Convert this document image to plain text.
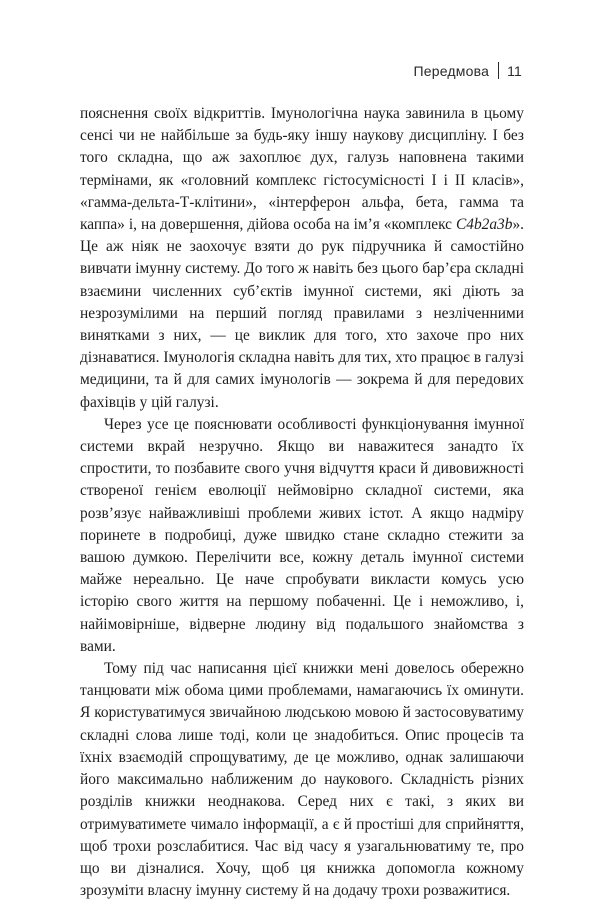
Передмова 11

пояснення своїх відкриттів. Імунологічна наука завинила в цьому сенсі чи не найбільше за будь-яку іншу наукову дисципліну. І без того складна, що аж захоплює дух, галузь наповнена такими термінами, як «головний комплекс гістосумісності I і II класів», «гамма-дельта-Т-клітини», «інтерферон альфа, бета, гамма та каппа» і, на довершення, дійова особа на ім’я «комплекс C4b2a3b». Це аж ніяк не заохочує взяти до рук підручника й самостійно вивчати імунну систему. До того ж навіть без цього бар’єра складні взаємини численних суб’єктів імунної системи, які діють за незрозумілими на перший погляд правилами з незліченними винятками з них, — це виклик для того, хто захоче про них дізнаватися. Імунологія складна навіть для тих, хто працює в галузі медицини, та й для самих імунологів — зокрема й для передових фахівців у цій галузі.

Через усе це пояснювати особливості функціонування імунної системи вкрай незручно. Якщо ви наважитеся занадто їх спростити, то позбавите свого учня відчуття краси й дивовижності створеної генієм еволюції неймовірно складної системи, яка розв’язує найважливіші проблеми живих істот. А якщо надміру поринете в подробиці, дуже швидко стане складно стежити за вашою думкою. Перелічити все, кожну деталь імунної системи майже нереально. Це наче спробувати викласти комусь усю історію свого життя на першому побаченні. Це і неможливо, і, найімовірніше, відверне людину від подальшого знайомства з вами.

Тому під час написання цієї книжки мені довелось обережно танцювати між обома цими проблемами, намагаючись їх оминути. Я користуватимуся звичайною людською мовою й застосовуватиму складні слова лише тоді, коли це знадобиться. Опис процесів та їхніх взаємодій спрощуватиму, де це можливо, однак залишаючи його максимально наближеним до наукового. Складність різних розділів книжки неоднакова. Серед них є такі, з яких ви отримуватимете чимало інформації, а є й простіші для сприйняття, щоб трохи розслабитися. Час від часу я узагальнюватиму те, про що ви дізналися. Хочу, щоб ця книжка допомогла кожному зрозуміти власну імунну систему й на додачу трохи розважитися.
